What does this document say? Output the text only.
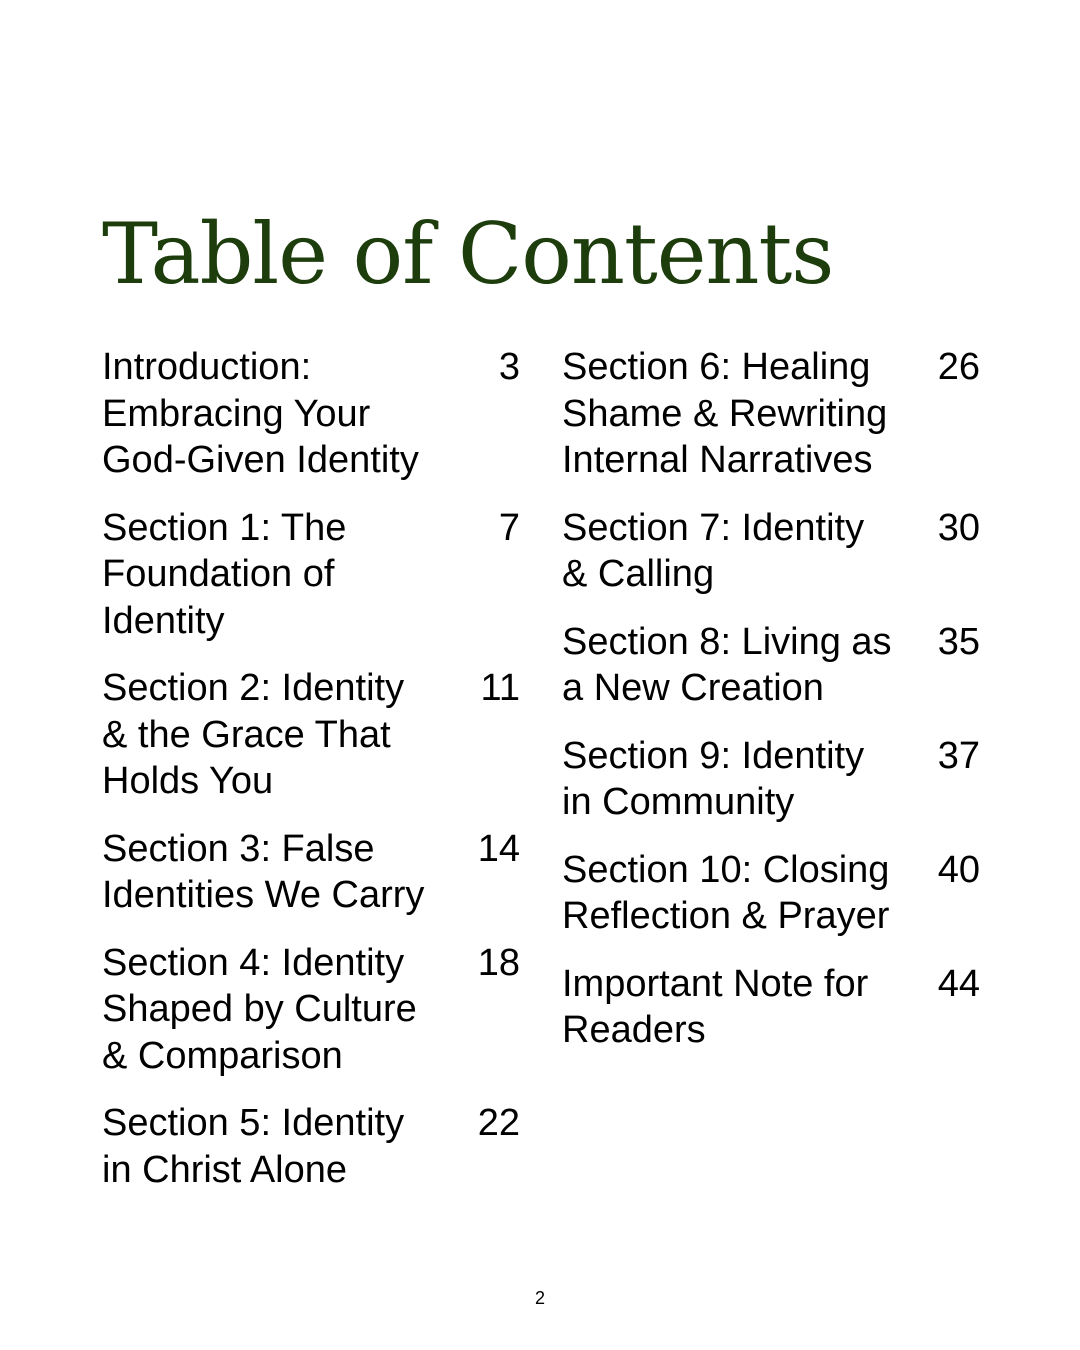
Table of Contents
Introduction: Embracing Your God-Given Identity
3
Section 1: The Foundation of Identity
7
Section 2: Identity & the Grace That Holds You
11
Section 3: False Identities We Carry
14
Section 4: Identity Shaped by Culture & Comparison
18
Section 5: Identity in Christ Alone
22
Section 6: Healing Shame & Rewriting Internal Narratives
26
Section 7: Identity & Calling
30
Section 8: Living as a New Creation
35
Section 9: Identity in Community
37
Section 10: Closing Reflection & Prayer
40
Important Note for Readers
44
2
